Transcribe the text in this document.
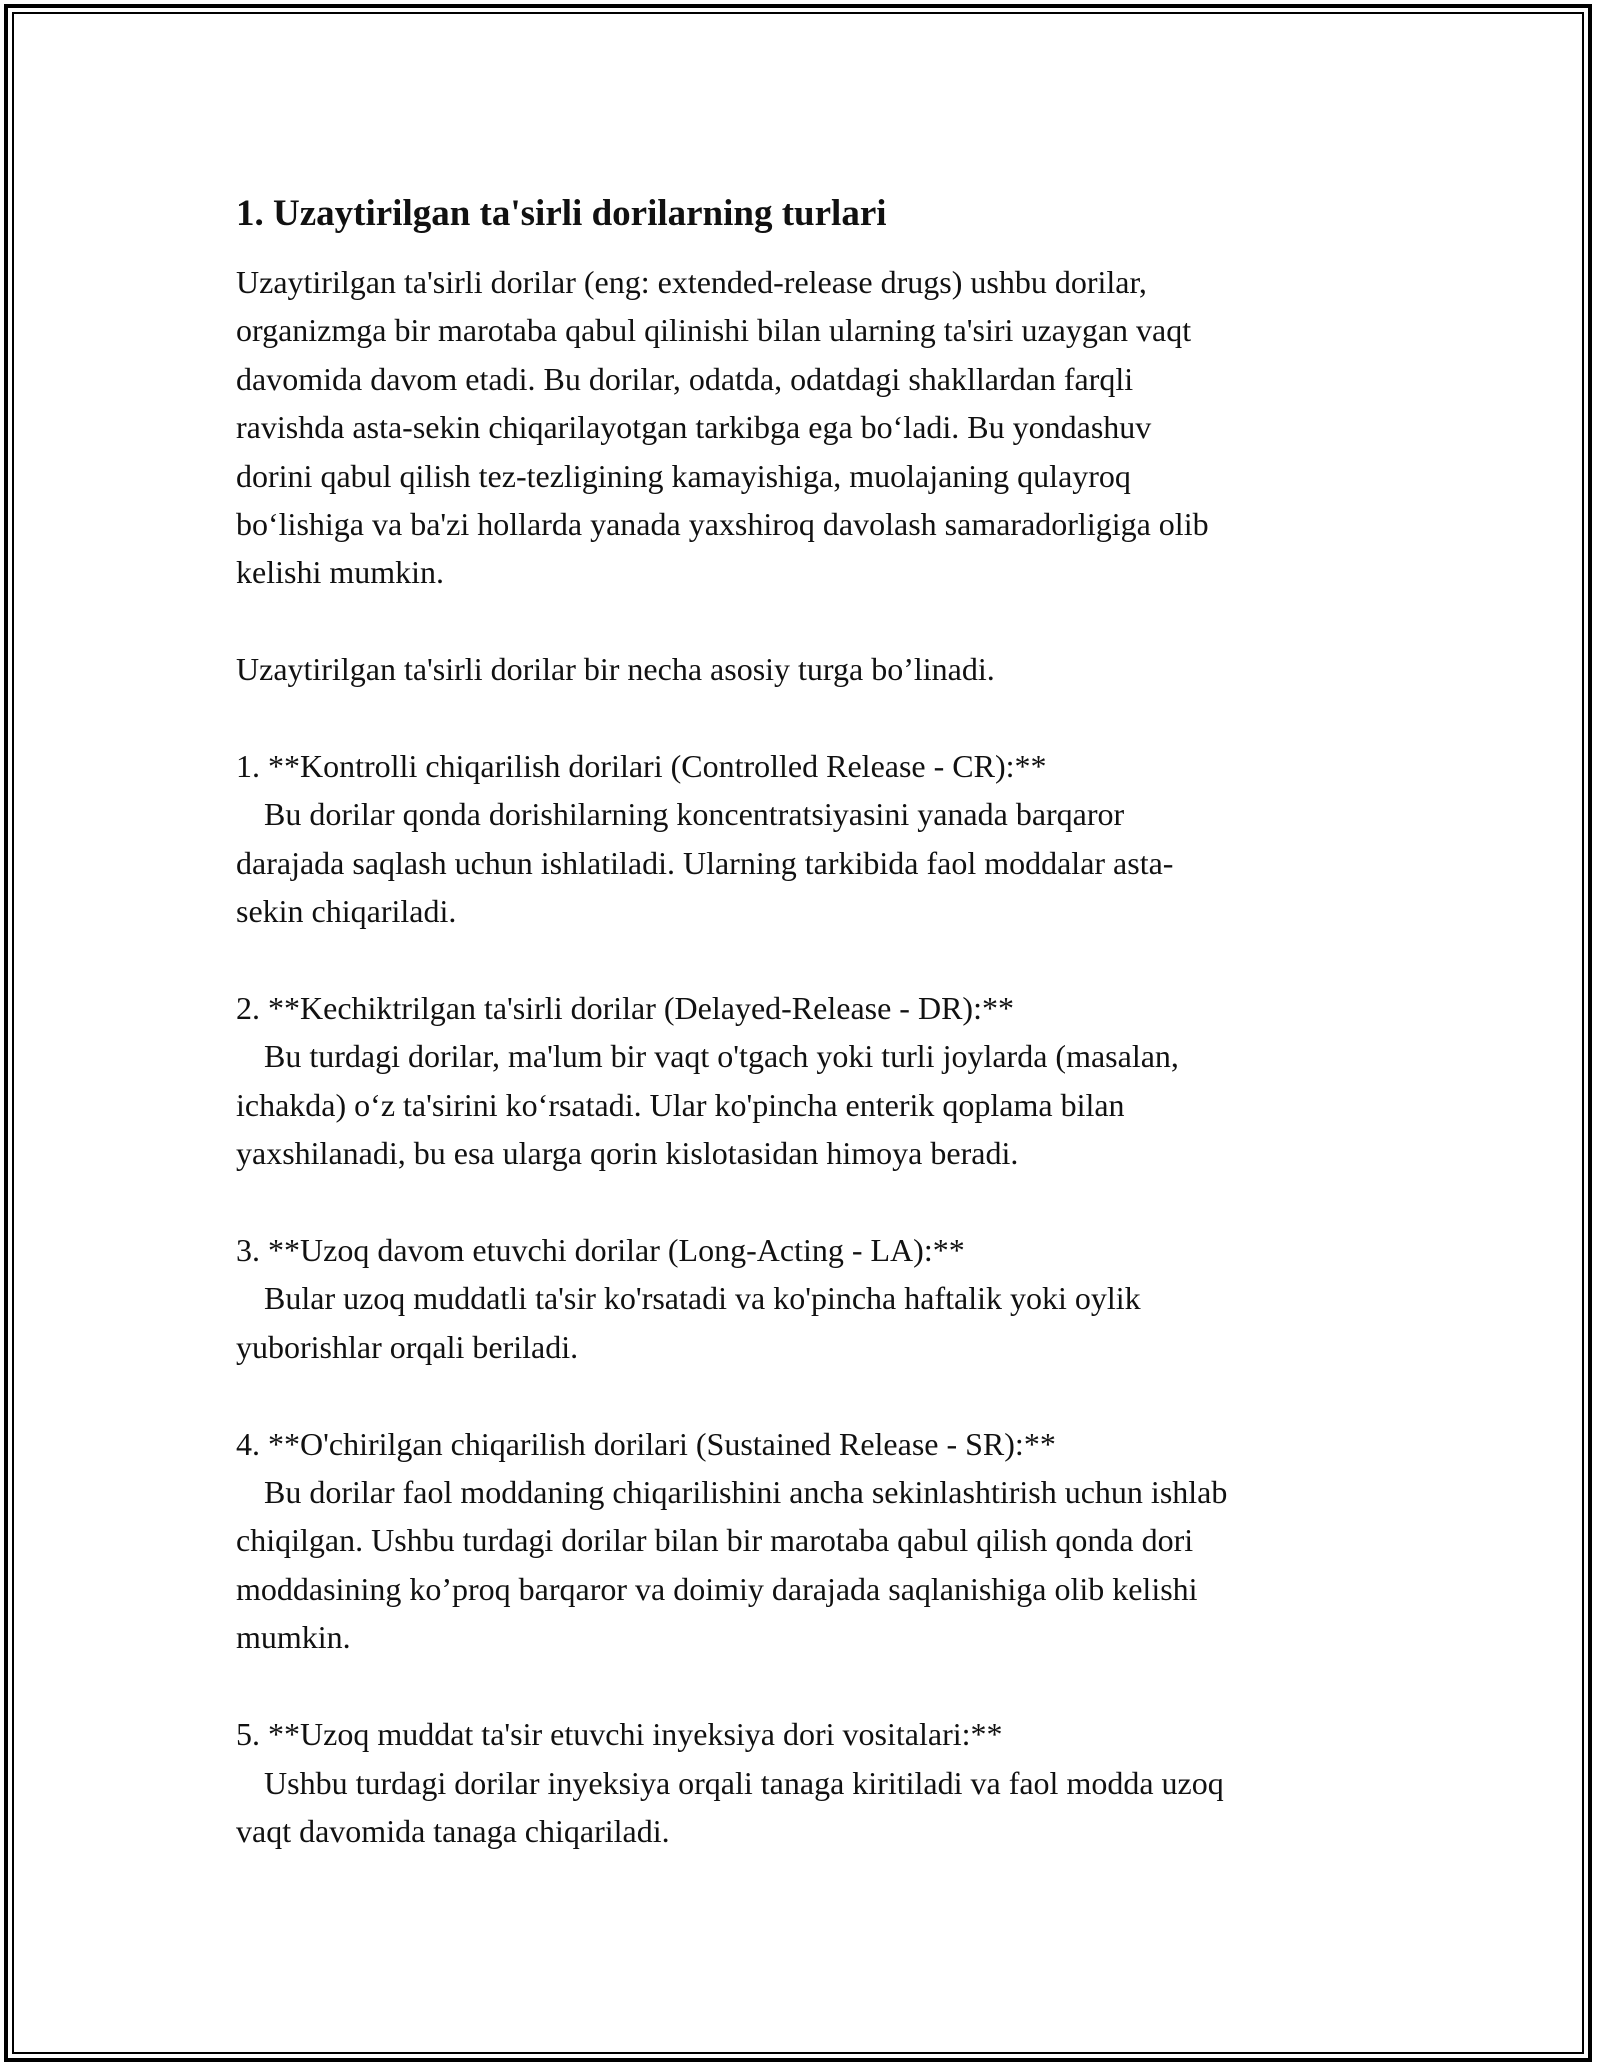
1. Uzaytirilgan ta'sirli dorilarning turlari
Uzaytirilgan ta'sirli dorilar (eng: extended-release drugs) ushbu dorilar,
organizmga bir marotaba qabul qilinishi bilan ularning ta'siri uzaygan vaqt
davomida davom etadi. Bu dorilar, odatda, odatdagi shakllardan farqli
ravishda asta-sekin chiqarilayotgan tarkibga ega bo‘ladi. Bu yondashuv
dorini qabul qilish tez-tezligining kamayishiga, muolajaning qulayroq
bo‘lishiga va ba'zi hollarda yanada yaxshiroq davolash samaradorligiga olib
kelishi mumkin.
Uzaytirilgan ta'sirli dorilar bir necha asosiy turga bo’linadi.
1. **Kontrolli chiqarilish dorilari (Controlled Release - CR):**
Bu dorilar qonda dorishilarning koncentratsiyasini yanada barqaror
darajada saqlash uchun ishlatiladi. Ularning tarkibida faol moddalar asta-
sekin chiqariladi.
2. **Kechiktrilgan ta'sirli dorilar (Delayed-Release - DR):**
Bu turdagi dorilar, ma'lum bir vaqt o'tgach yoki turli joylarda (masalan,
ichakda) o‘z ta'sirini ko‘rsatadi. Ular ko'pincha enterik qoplama bilan
yaxshilanadi, bu esa ularga qorin kislotasidan himoya beradi.
3. **Uzoq davom etuvchi dorilar (Long-Acting - LA):**
Bular uzoq muddatli ta'sir ko'rsatadi va ko'pincha haftalik yoki oylik
yuborishlar orqali beriladi.
4. **O'chirilgan chiqarilish dorilari (Sustained Release - SR):**
Bu dorilar faol moddaning chiqarilishini ancha sekinlashtirish uchun ishlab
chiqilgan. Ushbu turdagi dorilar bilan bir marotaba qabul qilish qonda dori
moddasining ko’proq barqaror va doimiy darajada saqlanishiga olib kelishi
mumkin.
5. **Uzoq muddat ta'sir etuvchi inyeksiya dori vositalari:**
Ushbu turdagi dorilar inyeksiya orqali tanaga kiritiladi va faol modda uzoq
vaqt davomida tanaga chiqariladi.
